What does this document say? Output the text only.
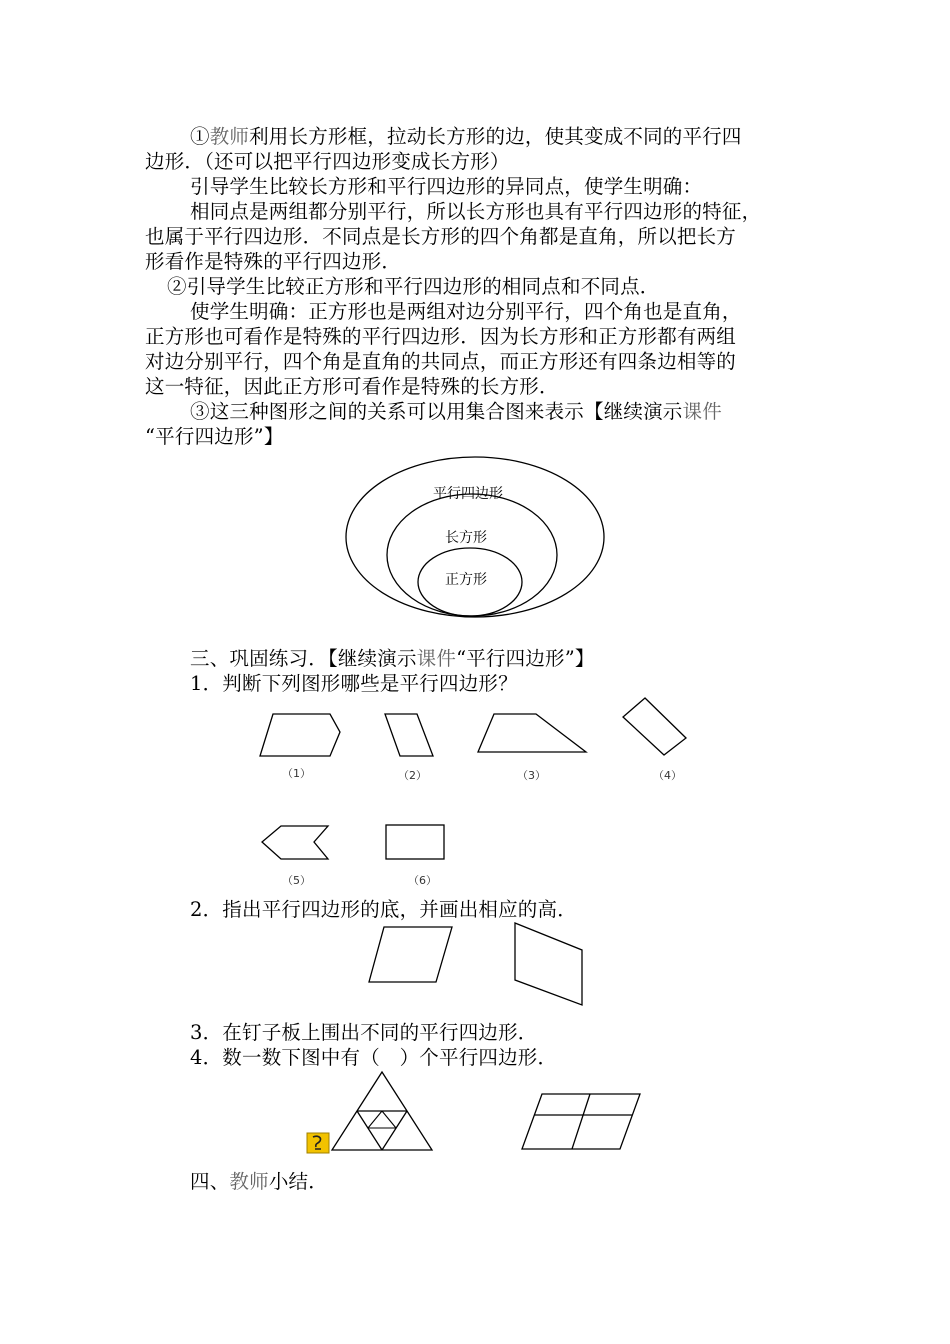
①教师利用长方形框，拉动长方形的边，使其变成不同的平行四
边形．（还可以把平行四边形变成长方形）
引导学生比较长方形和平行四边形的异同点，使学生明确：
相同点是两组都分别平行，所以长方形也具有平行四边形的特征，
也属于平行四边形．不同点是长方形的四个角都是直角，所以把长方
形看作是特殊的平行四边形．
②引导学生比较正方形和平行四边形的相同点和不同点．
使学生明确：正方形也是两组对边分别平行，四个角也是直角，
正方形也可看作是特殊的平行四边形．因为长方形和正方形都有两组
对边分别平行，四个角是直角的共同点，而正方形还有四条边相等的
这一特征，因此正方形可看作是特殊的长方形．
③这三种图形之间的关系可以用集合图来表示【继续演示课件
“平行四边形”】
平行四边形
长方形
正方形
三、巩固练习．【继续演示课件“平行四边形”】
1．判断下列图形哪些是平行四边形？
（1）	（2）	（3）	（4）
（5）	（6）
2．指出平行四边形的底，并画出相应的高．
3．在钉子板上围出不同的平行四边形．
4．数一数下图中有（　）个平行四边形．
四、教师小结．
